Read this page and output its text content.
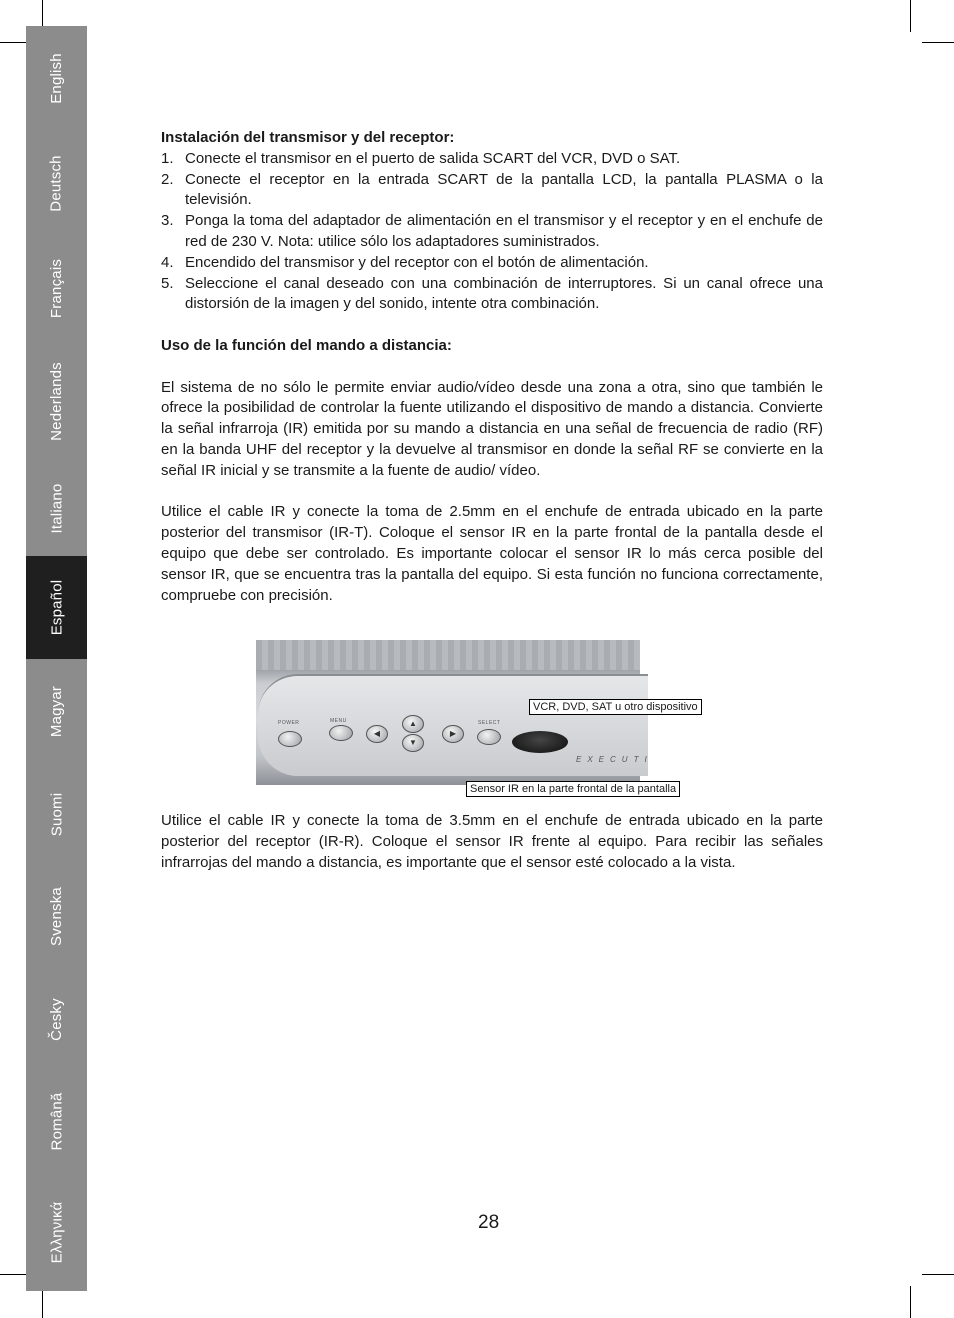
English
Deutsch
Français
Nederlands
Italiano
Español
Magyar
Suomi
Svenska
Česky
Română
Ελληνικά

Instalación del transmisor y del receptor:

1. Conecte el transmisor en el puerto de salida SCART del VCR, DVD o SAT.
2. Conecte el receptor en la entrada SCART de la pantalla LCD, la pantalla PLASMA o la televisión.
3. Ponga la toma del adaptador de alimentación en el transmisor y el receptor y en el enchufe de red de 230 V. Nota: utilice sólo los adaptadores suministrados.
4. Encendido del transmisor y del receptor con el botón de alimentación.
5. Seleccione el canal deseado con una combinación de interruptores. Si un canal ofrece una distorsión de la imagen y del sonido, intente otra combinación.

Uso de la función del mando a distancia:

El sistema de no sólo le permite enviar audio/vídeo desde una zona a otra, sino que también le ofrece la posibilidad de controlar la fuente utilizando el dispositivo de mando a distancia. Convierte la señal infrarroja (IR) emitida por su mando a distancia en una señal de frecuencia de radio (RF) en la banda UHF del receptor y la devuelve al transmisor en donde la señal RF se convierte en la señal IR inicial y se transmite a la fuente de audio/ vídeo.

Utilice el cable IR y conecte la toma de 2.5mm en el enchufe de entrada ubicado en la parte posterior del transmisor (IR-T). Coloque el sensor IR en la parte frontal de la pantalla desde el equipo que debe ser controlado. Es importante colocar el sensor IR lo más cerca posible del sensor IR, que se encuentra tras la pantalla del equipo. Si esta función no funciona correctamente, compruebe con precisión.

POWER	MENU	SELECT
◀
▲
▼
▶
EXECUTI
VCR, DVD, SAT u otro dispositivo
Sensor IR en la parte frontal de la pantalla

Utilice el cable IR y conecte la toma de 3.5mm en el enchufe de entrada ubicado en la parte posterior del receptor (IR-R). Coloque el sensor IR frente al equipo. Para recibir las señales infrarrojas del mando a distancia, es importante que el sensor esté colocado a la vista.

28
